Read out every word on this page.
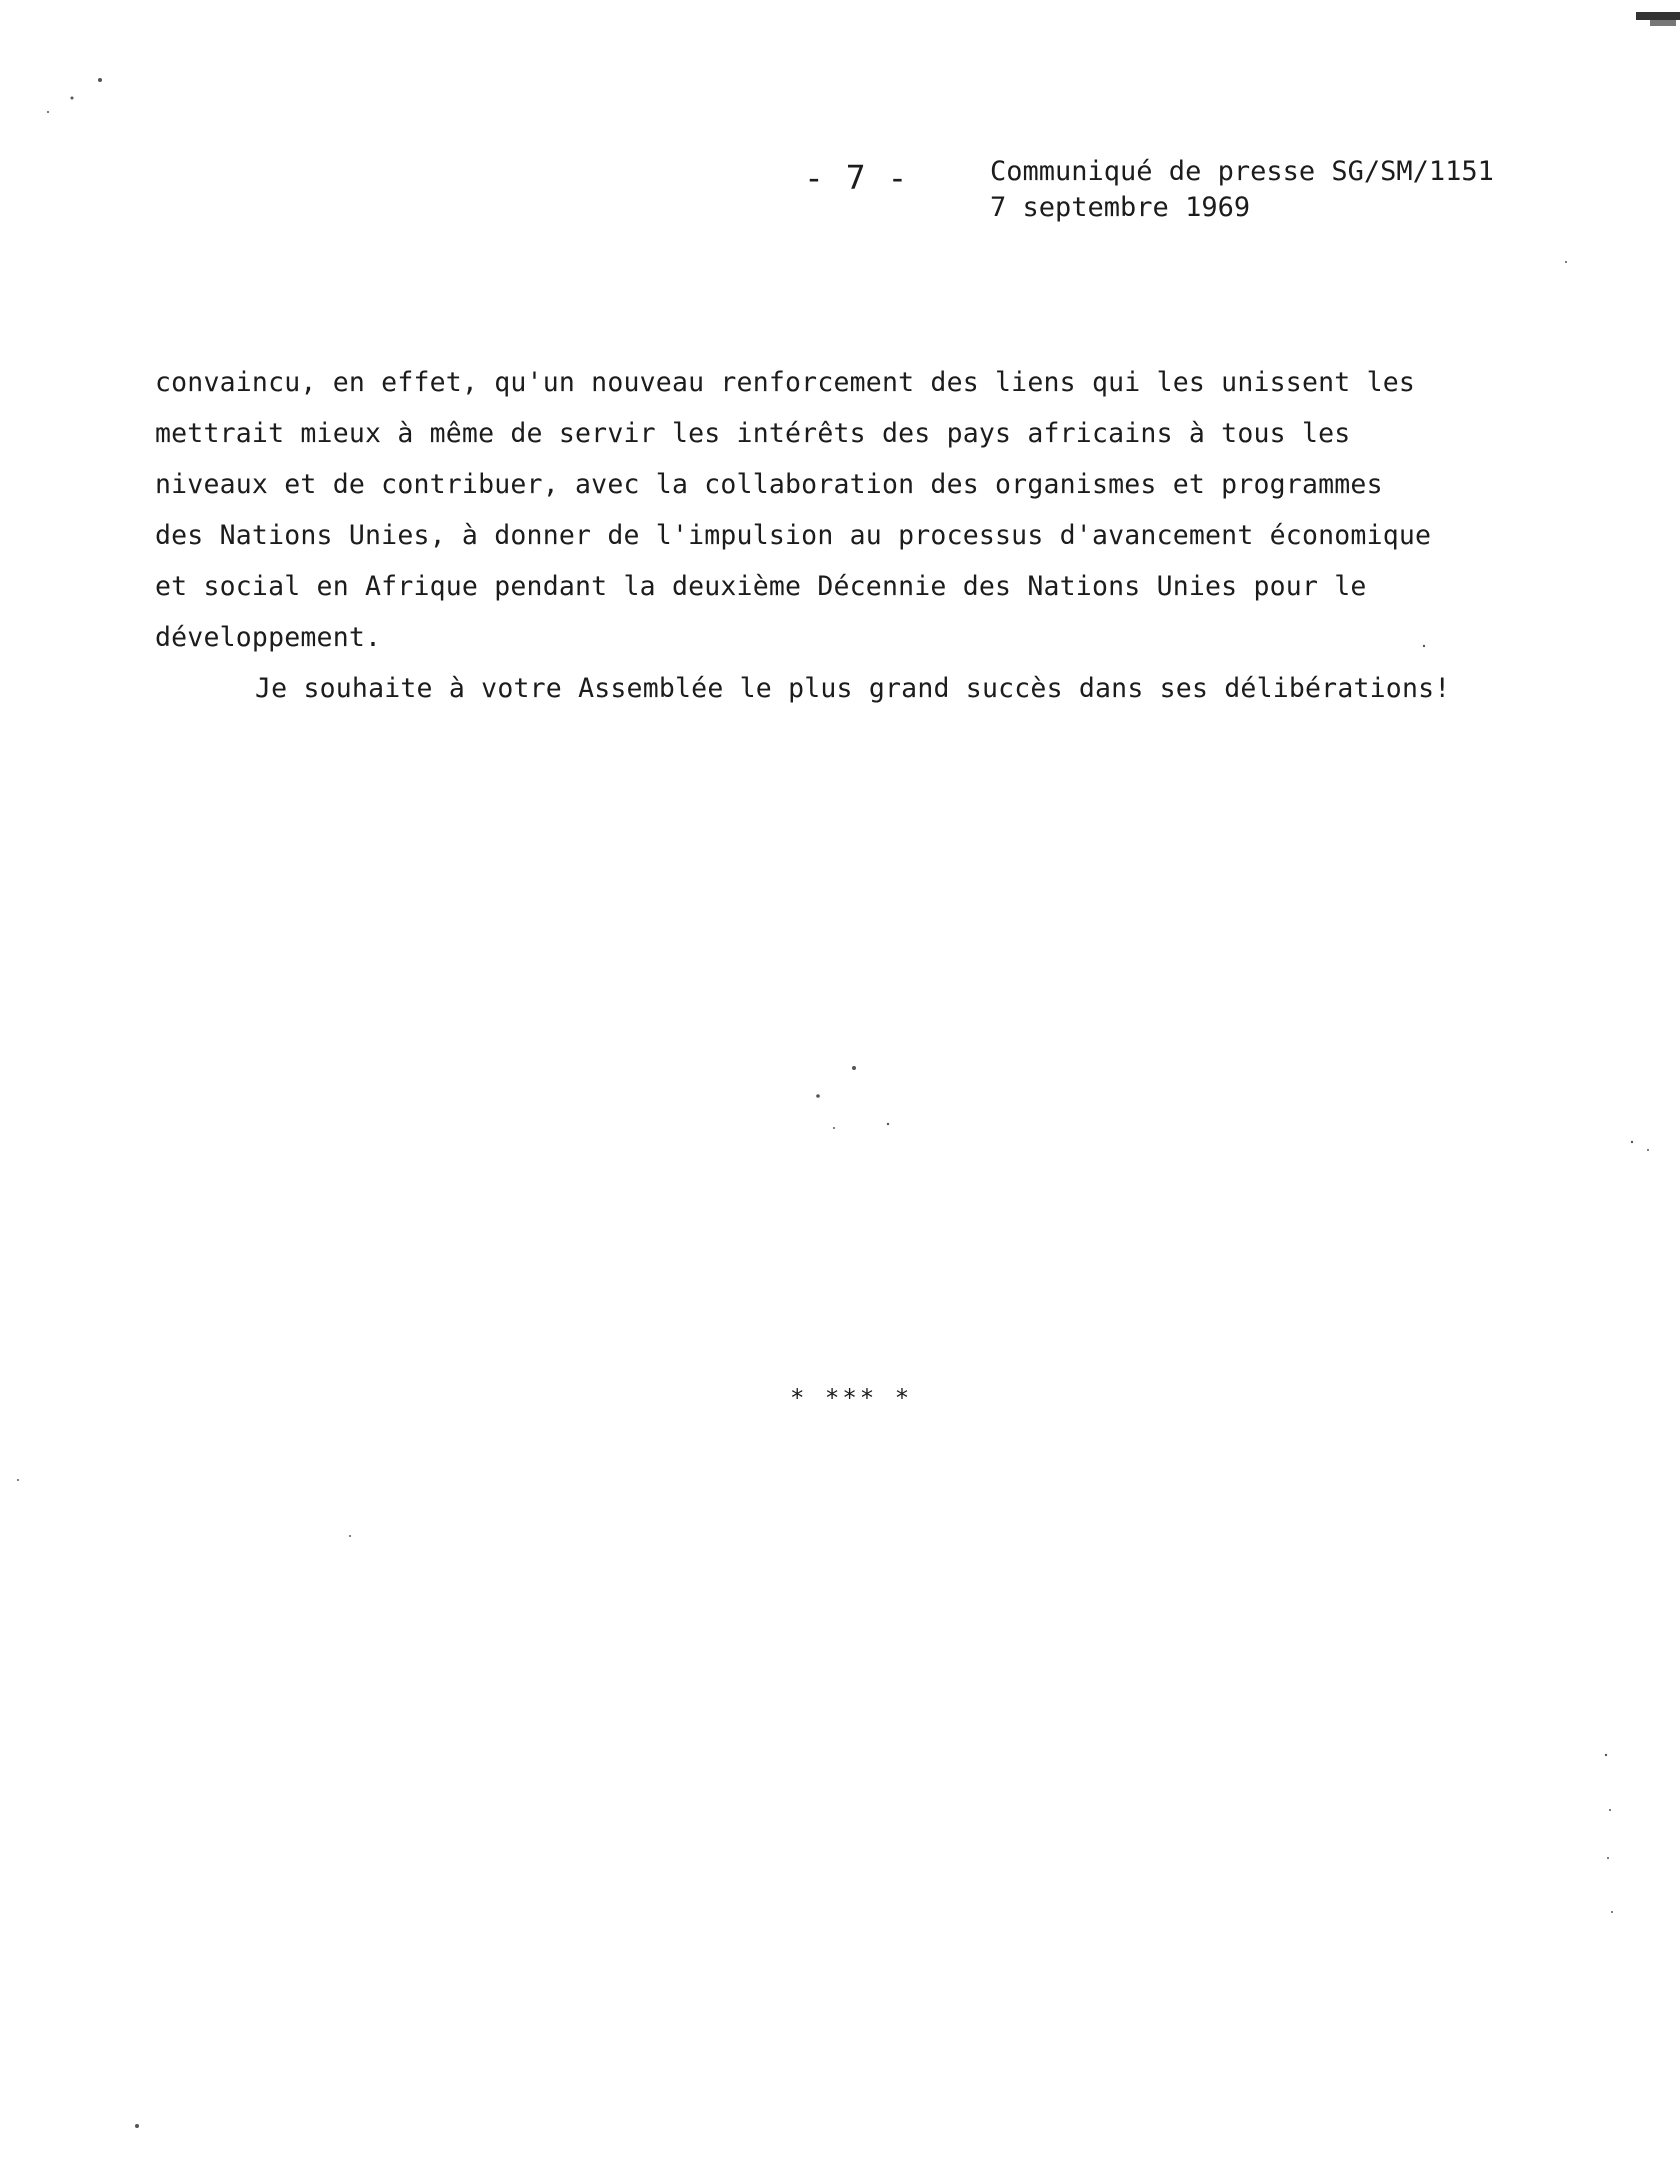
- 7 -	Communiqué de presse SG/SM/1151
7 septembre 1969
convaincu, en effet, qu'un nouveau renforcement des liens qui les unissent les
mettrait mieux à même de servir les intérêts des pays africains à tous les
niveaux et de contribuer, avec la collaboration des organismes et programmes
des Nations Unies, à donner de l'impulsion au processus d'avancement économique
et social en Afrique pendant la deuxième Décennie des Nations Unies pour le
développement.
Je souhaite à votre Assemblée le plus grand succès dans ses délibérations!
* *** *
